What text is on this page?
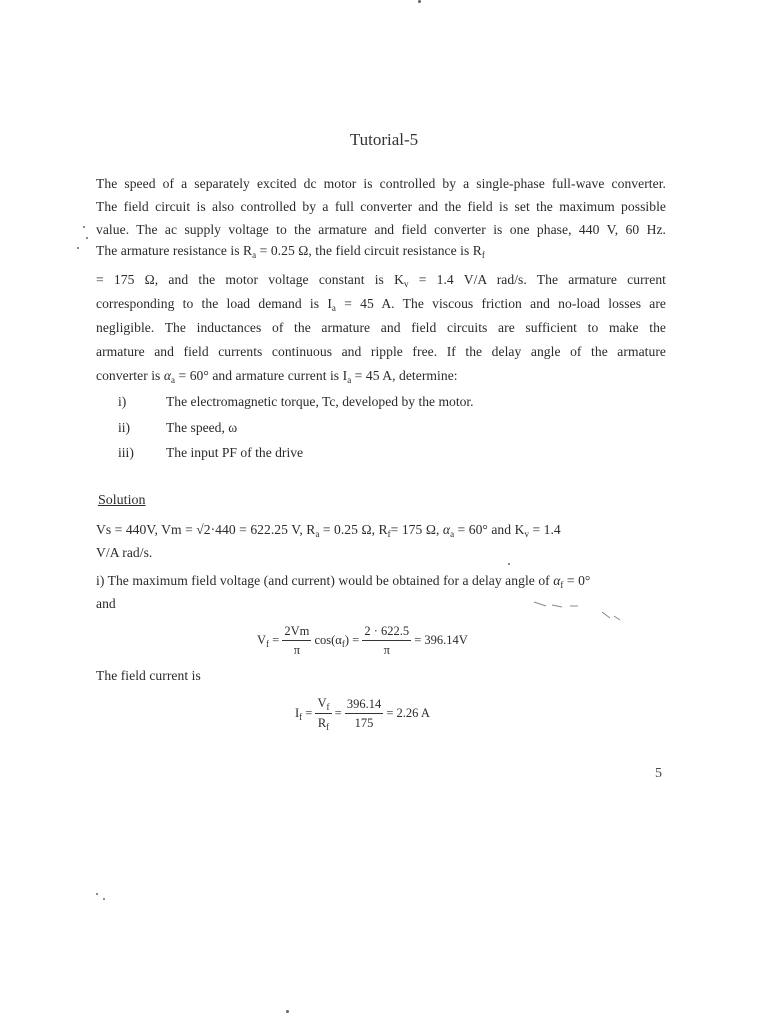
Tutorial-5
The speed of a separately excited dc motor is controlled by a single-phase full-wave converter.
The field circuit is also controlled by a full converter and the field is set the maximum possible
value. The ac supply voltage to the armature and field converter is one phase, 440 V, 60 Hz.
The armature resistance is $R_a = 0.25$ Ω, the field circuit resistance is $R_f$
= 175 Ω, and the motor voltage constant is $K_v = 1.4$ V/A rad/s. The armature current
corresponding to the load demand is $I_a = 45$ A. The viscous friction and no-load losses are
negligible. The inductances of the armature and field circuits are sufficient to make the
armature and field currents continuous and ripple free. If the delay angle of the armature
converter is $\alpha_a = 60^\circ$ and armature current is $I_a = 45$ A, determine:
i)	The electromagnetic torque, Tc, developed by the motor.
ii)	The speed, ω
iii) The input PF of the drive
Solution
Vs = 440V, Vm = √2·440 = 622.25 V, $R_a = 0.25$ Ω, $R_f= 175$ Ω, $\alpha_a = 60^\circ$ and $K_v = 1.4$
V/A rad/s.
i) The maximum field voltage (and current) would be obtained for a delay angle of $\alpha_f = 0^\circ$
and
$V_f = \frac{2Vm}{\pi} \cos(\alpha_f) = \frac{2 \cdot 622.5}{\pi} = 396.14V$
The field current is
$I_f = \frac{V_f}{R_f} = \frac{396.14}{175} = 2.26$ A
5
